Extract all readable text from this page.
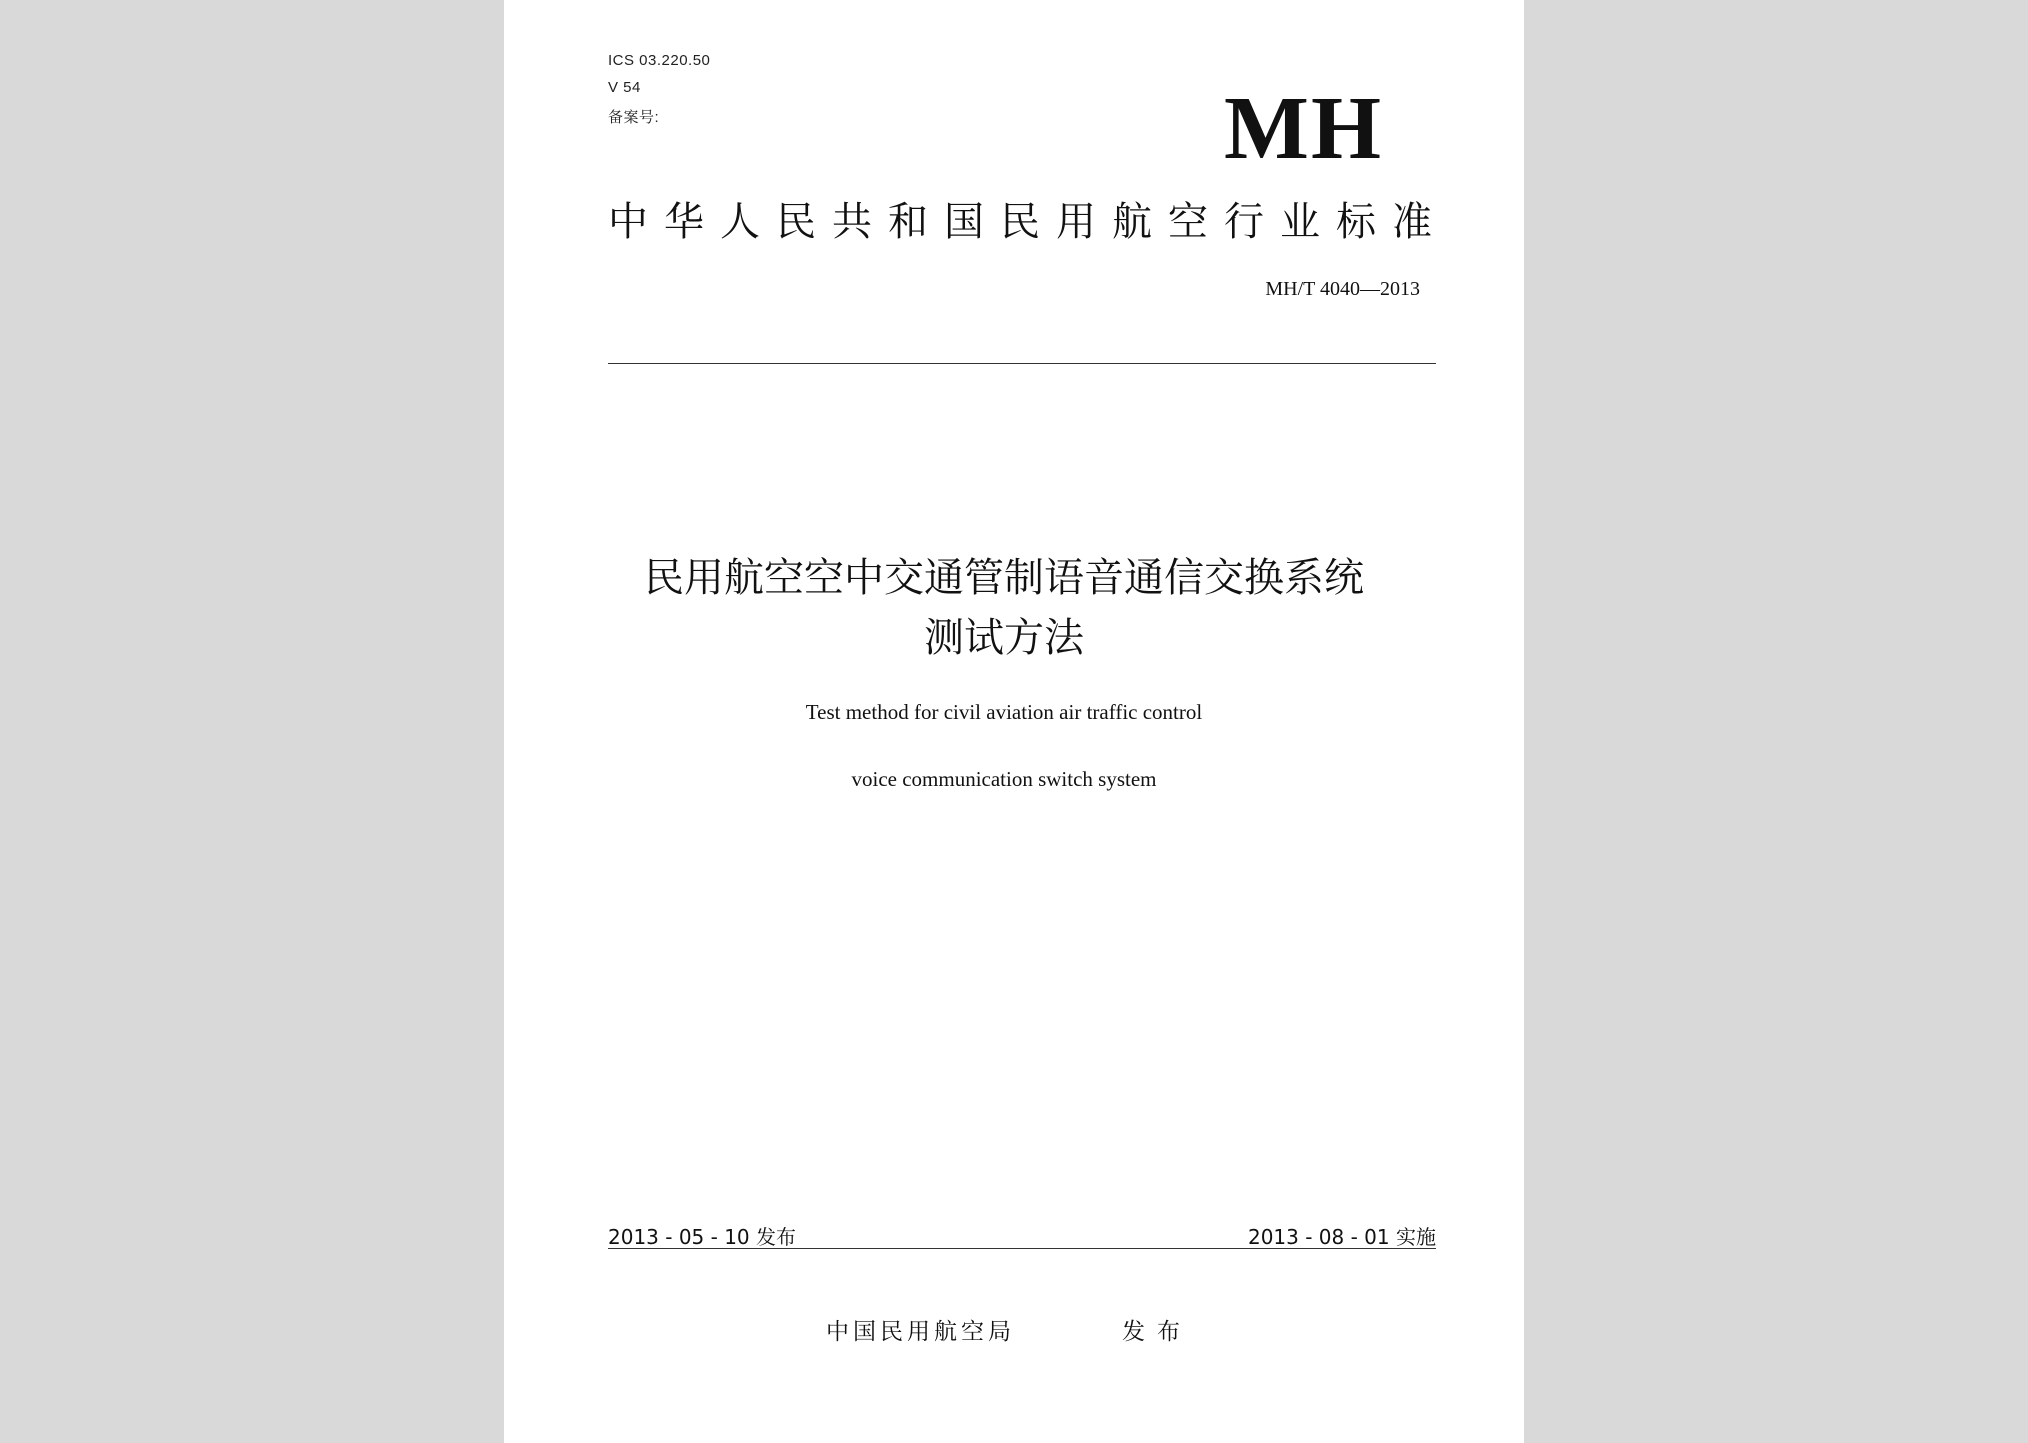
ICS 03.220.50
V 54
备案号:	MH
中华人民共和国民用航空行业标准
MH/T 4040—2013
民用航空空中交通管制语音通信交换系统
测试方法
Test method for civil aviation air traffic control
voice communication switch system
2013 - 05 - 10 发布	2013 - 08 - 01 实施
中国民用航空局	发布
